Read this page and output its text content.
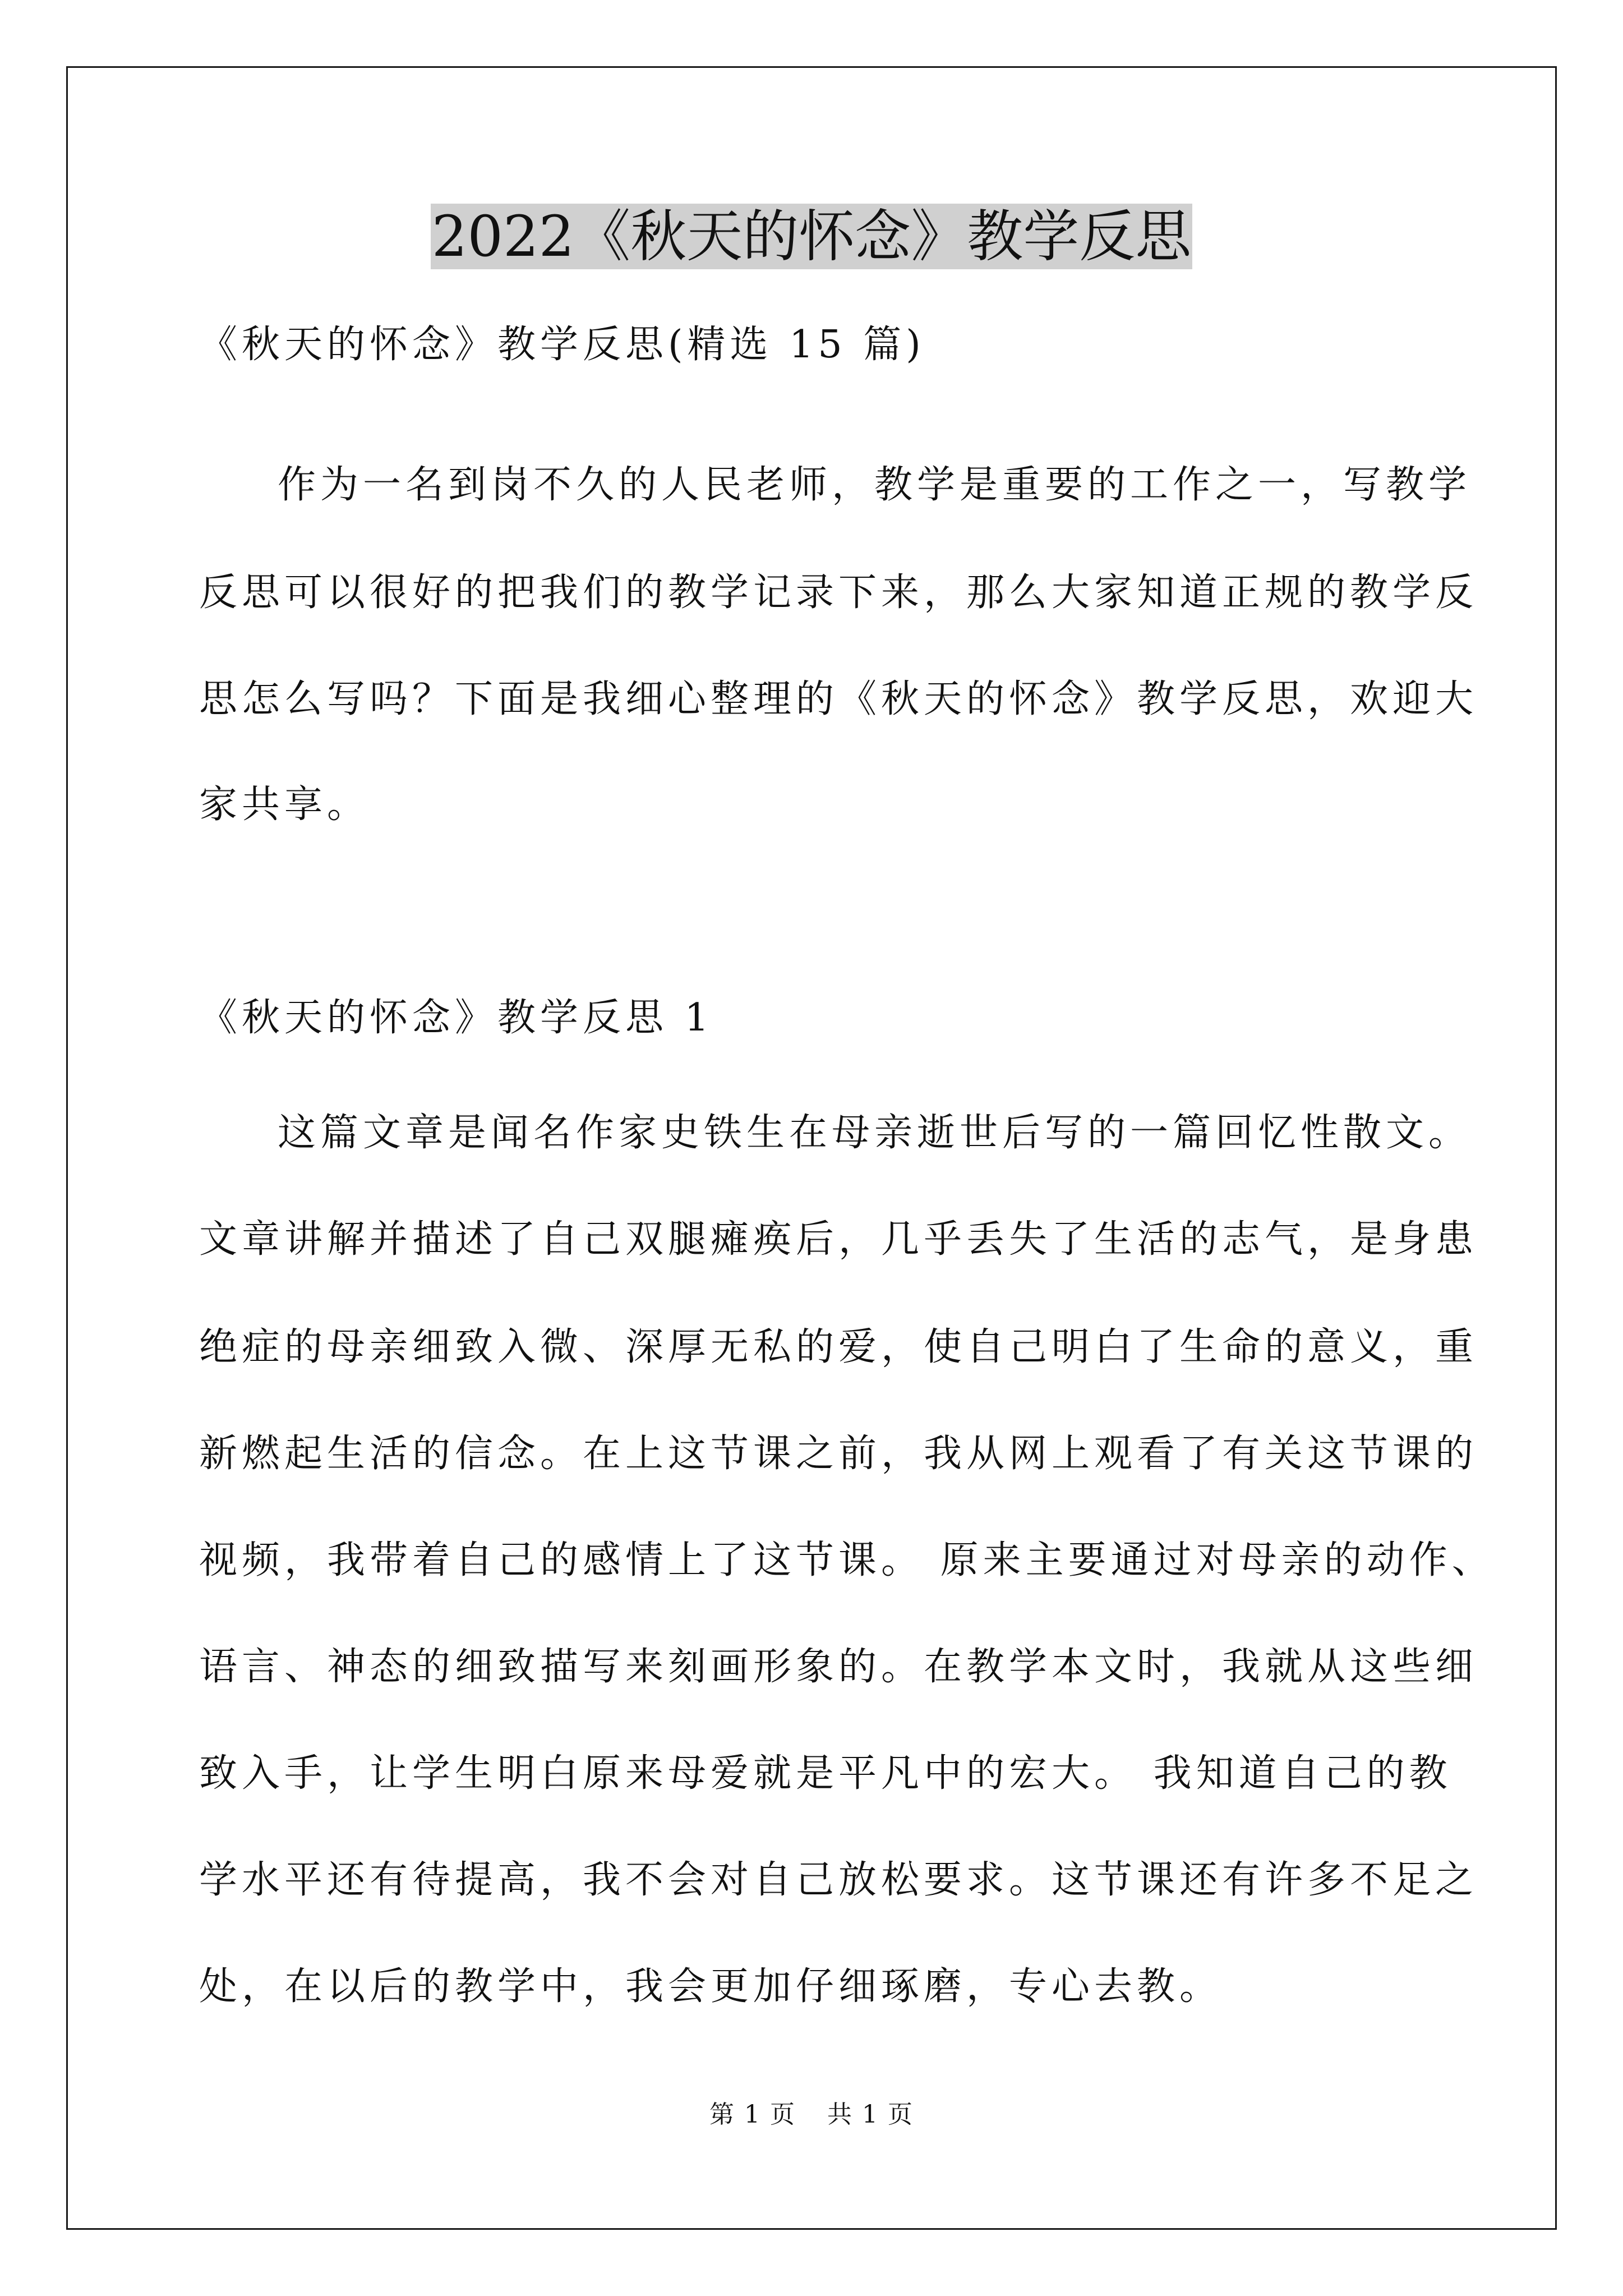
2022《秋天的怀念》教学反思
《秋天的怀念》教学反思(精选 15 篇)
作为一名到岗不久的人民老师，教学是重要的工作之一，写教学
反思可以很好的把我们的教学记录下来，那么大家知道正规的教学反
思怎么写吗？下面是我细心整理的《秋天的怀念》教学反思，欢迎大
家共享。
《秋天的怀念》教学反思 1
这篇文章是闻名作家史铁生在母亲逝世后写的一篇回忆性散文。
文章讲解并描述了自己双腿瘫痪后，几乎丢失了生活的志气，是身患
绝症的母亲细致入微、深厚无私的爱，使自己明白了生命的意义，重
新燃起生活的信念。在上这节课之前，我从网上观看了有关这节课的
视频，我带着自己的感情上了这节课。 原来主要通过对母亲的动作、
语言、神态的细致描写来刻画形象的。在教学本文时，我就从这些细
致入手，让学生明白原来母爱就是平凡中的宏大。 我知道自己的教
学水平还有待提高，我不会对自己放松要求。这节课还有许多不足之
处，在以后的教学中，我会更加仔细琢磨，专心去教。
第 1 页 共 1 页
